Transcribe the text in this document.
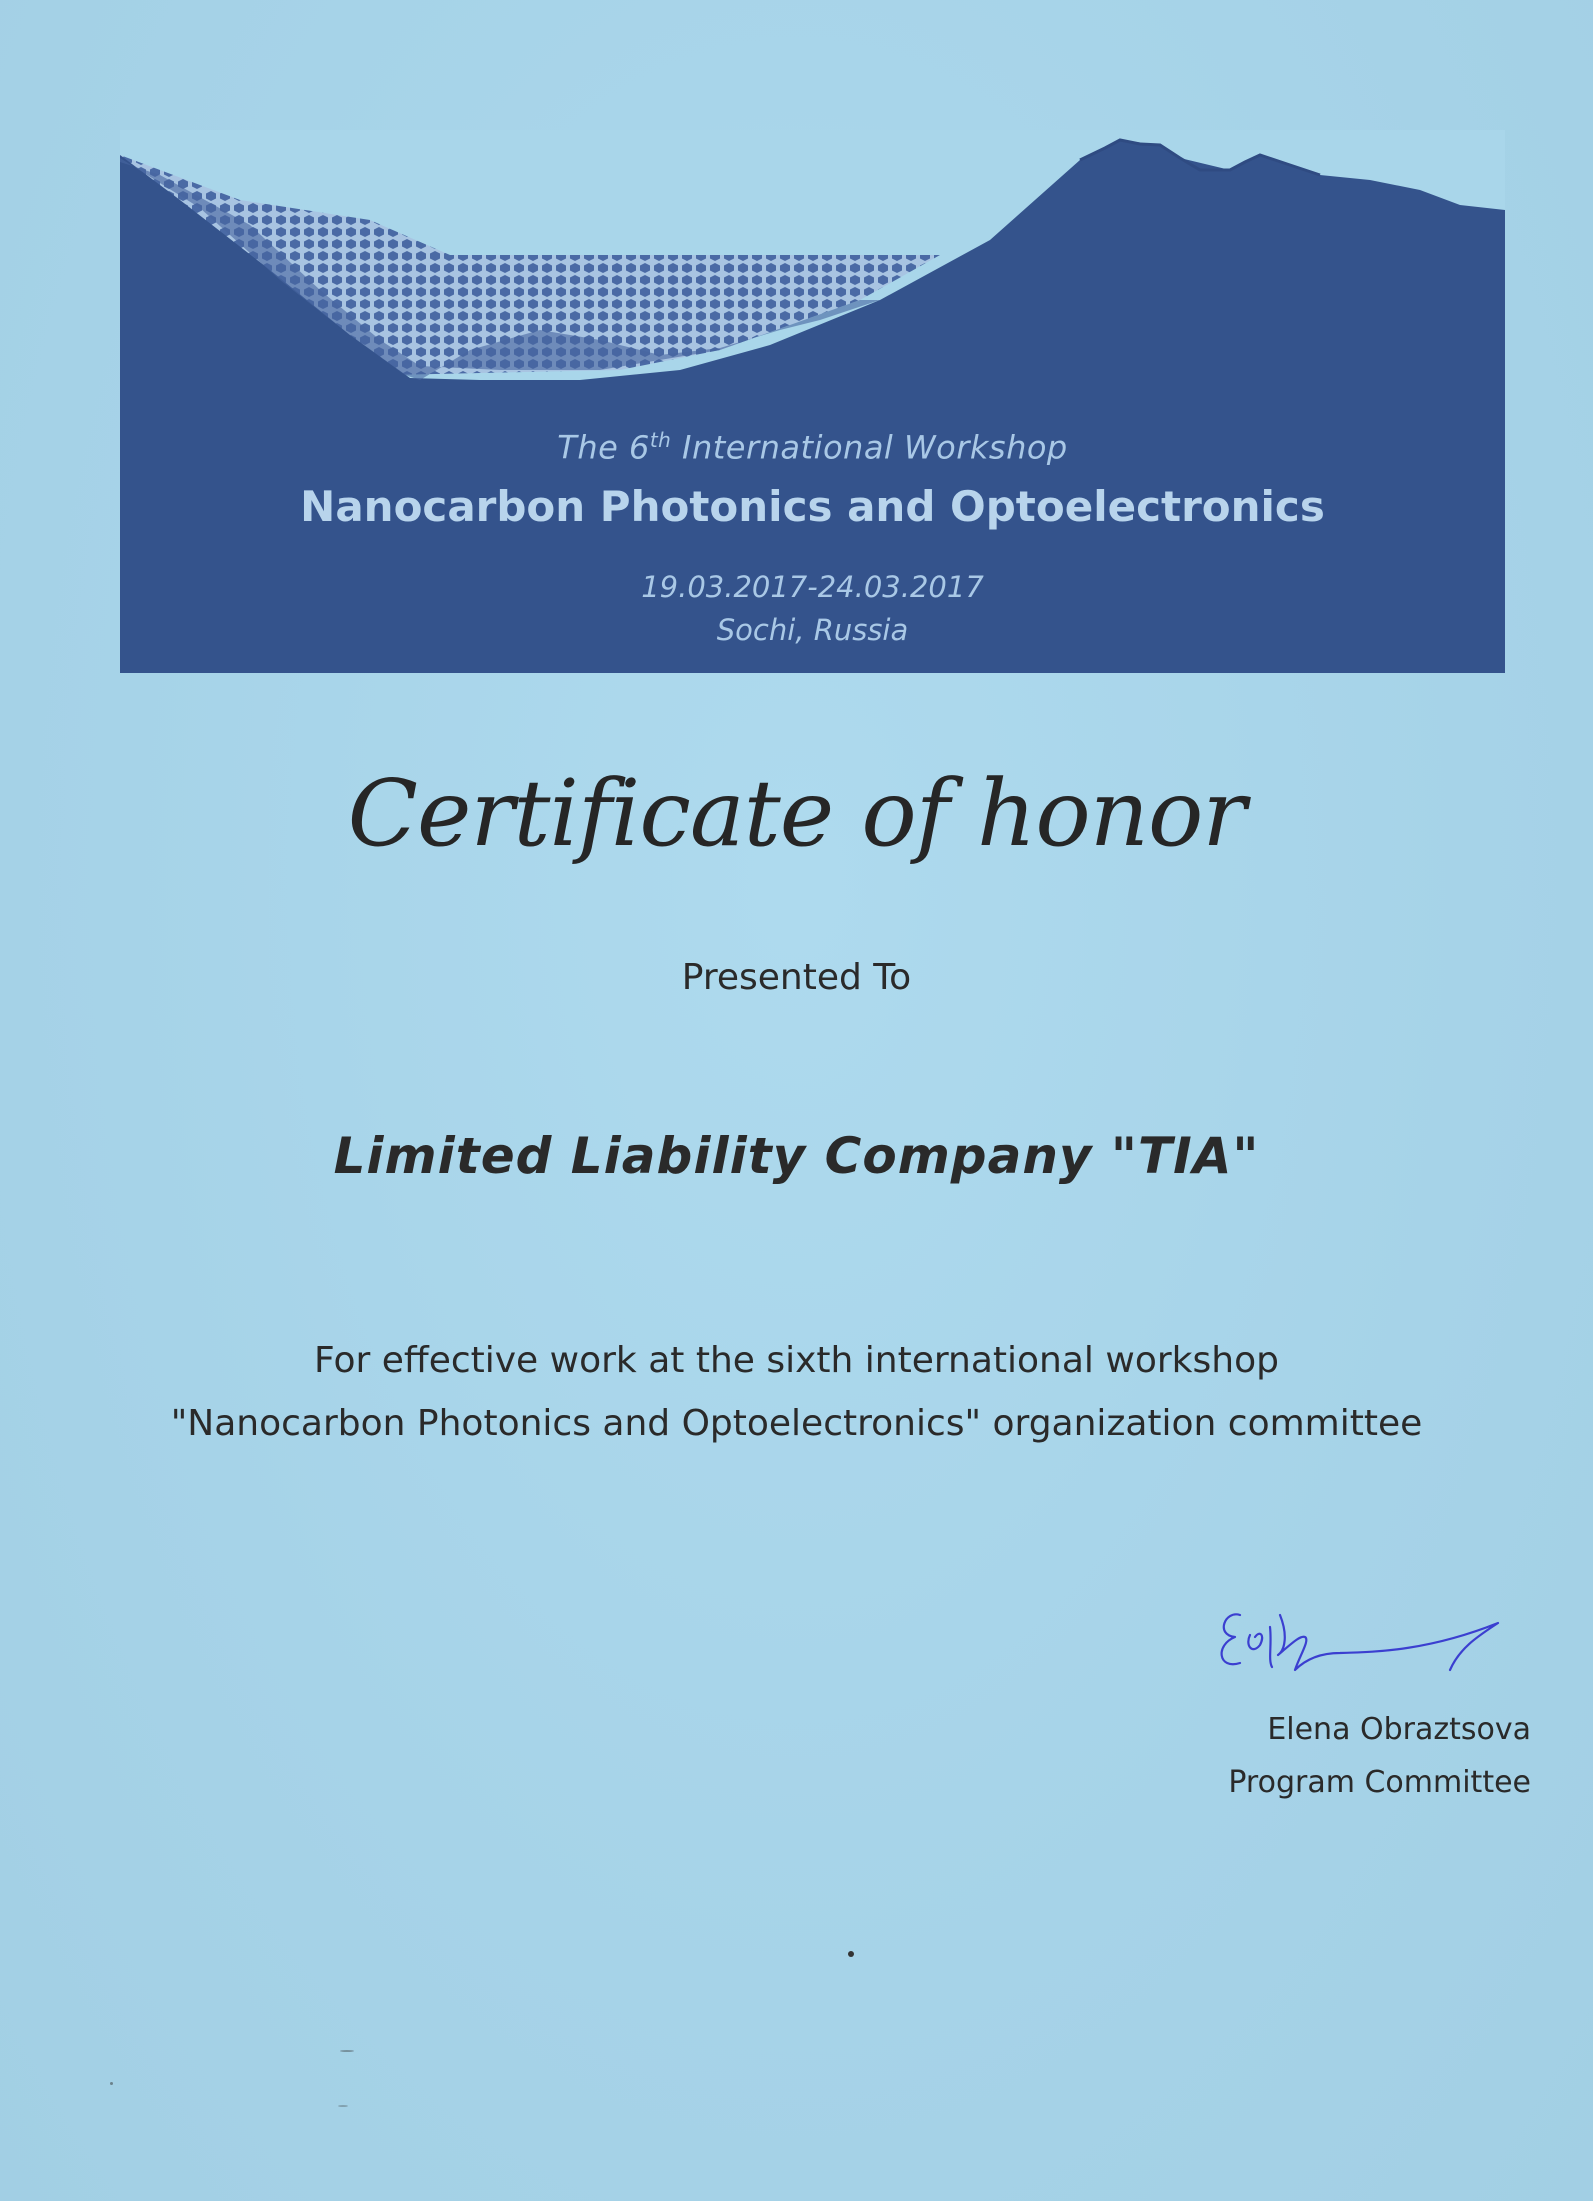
The 6th International Workshop
Nanocarbon Photonics and Optoelectronics
19.03.2017-24.03.2017
Sochi, Russia
Certificate of honor
Presented To
Limited Liability Company "TIA"
For effective work at the sixth international workshop
"Nanocarbon Photonics and Optoelectronics" organization committee
Elena Obraztsova
Program Committee
